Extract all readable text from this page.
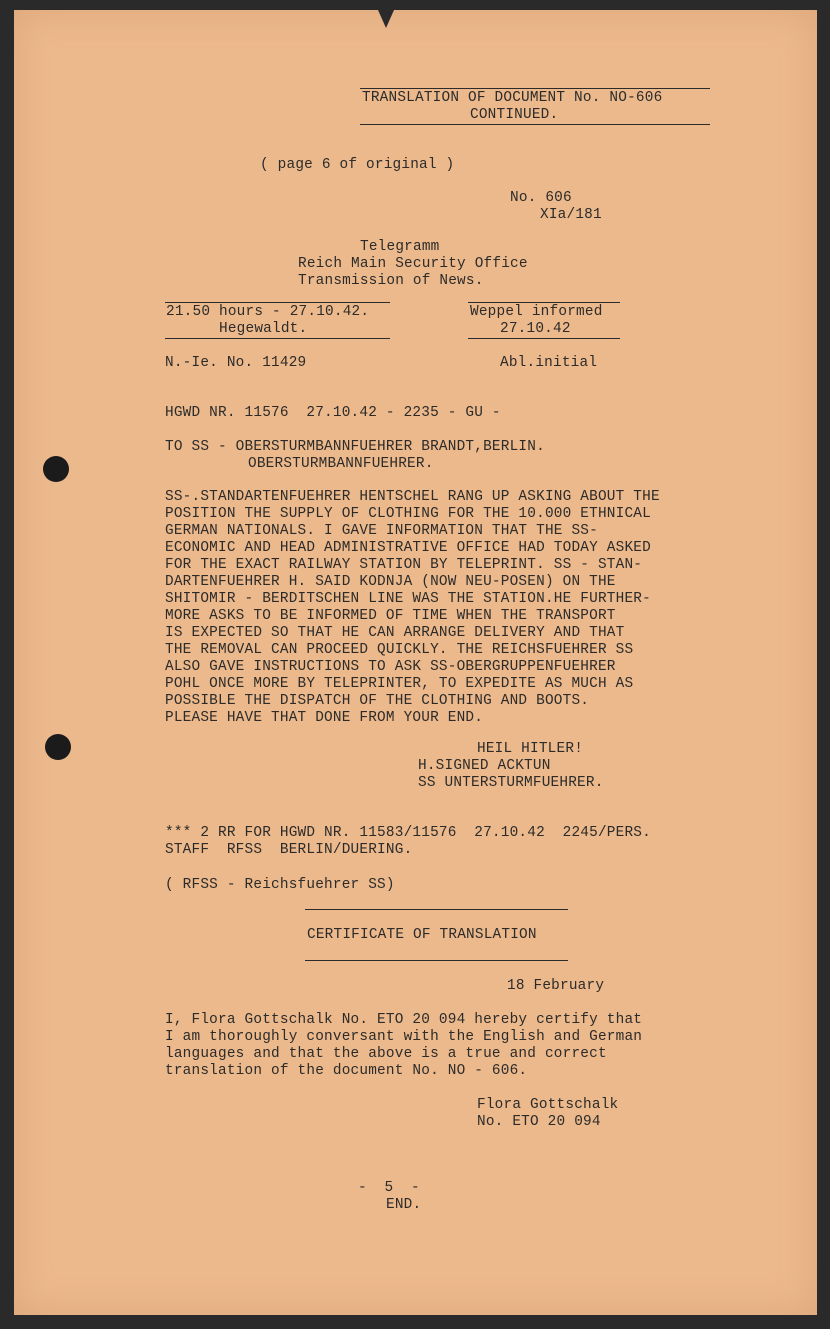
TRANSLATION OF DOCUMENT No. NO-606

CONTINUED.

( page 6 of original )

No. 606

XIa/181

Telegramm

Reich Main Security Office

Transmission of News.

21.50 hours - 27.10.42.

Hegewaldt.

Weppel informed

27.10.42

N.-Ie. No. 11429	Abl.initial

HGWD NR. 11576  27.10.42 - 2235 - GU -

TO SS - OBERSTURMBANNFUEHRER BRANDT,BERLIN.

OBERSTURMBANNFUEHRER.

SS-.STANDARTENFUEHRER HENTSCHEL RANG UP ASKING ABOUT THE

POSITION THE SUPPLY OF CLOTHING FOR THE 10.000 ETHNICAL

GERMAN NATIONALS. I GAVE INFORMATION THAT THE SS-

ECONOMIC AND HEAD ADMINISTRATIVE OFFICE HAD TODAY ASKED

FOR THE EXACT RAILWAY STATION BY TELEPRINT. SS - STAN-

DARTENFUEHRER H. SAID KODNJA (NOW NEU-POSEN) ON THE

SHITOMIR - BERDITSCHEN LINE WAS THE STATION.HE FURTHER-

MORE ASKS TO BE INFORMED OF TIME WHEN THE TRANSPORT

IS EXPECTED SO THAT HE CAN ARRANGE DELIVERY AND THAT

THE REMOVAL CAN PROCEED QUICKLY. THE REICHSFUEHRER SS

ALSO GAVE INSTRUCTIONS TO ASK SS-OBERGRUPPENFUEHRER

POHL ONCE MORE BY TELEPRINTER, TO EXPEDITE AS MUCH AS

POSSIBLE THE DISPATCH OF THE CLOTHING AND BOOTS.

PLEASE HAVE THAT DONE FROM YOUR END.

HEIL HITLER!

H.SIGNED ACKTUN

SS UNTERSTURMFUEHRER.

*** 2 RR FOR HGWD NR. 11583/11576  27.10.42  2245/PERS.

STAFF  RFSS  BERLIN/DUERING.

( RFSS - Reichsfuehrer SS)

CERTIFICATE OF TRANSLATION

18 February

I, Flora Gottschalk No. ETO 20 094 hereby certify that

I am thoroughly conversant with the English and German

languages and that the above is a true and correct

translation of the document No. NO - 606.

Flora Gottschalk

No. ETO 20 094

-  5  -

END.
